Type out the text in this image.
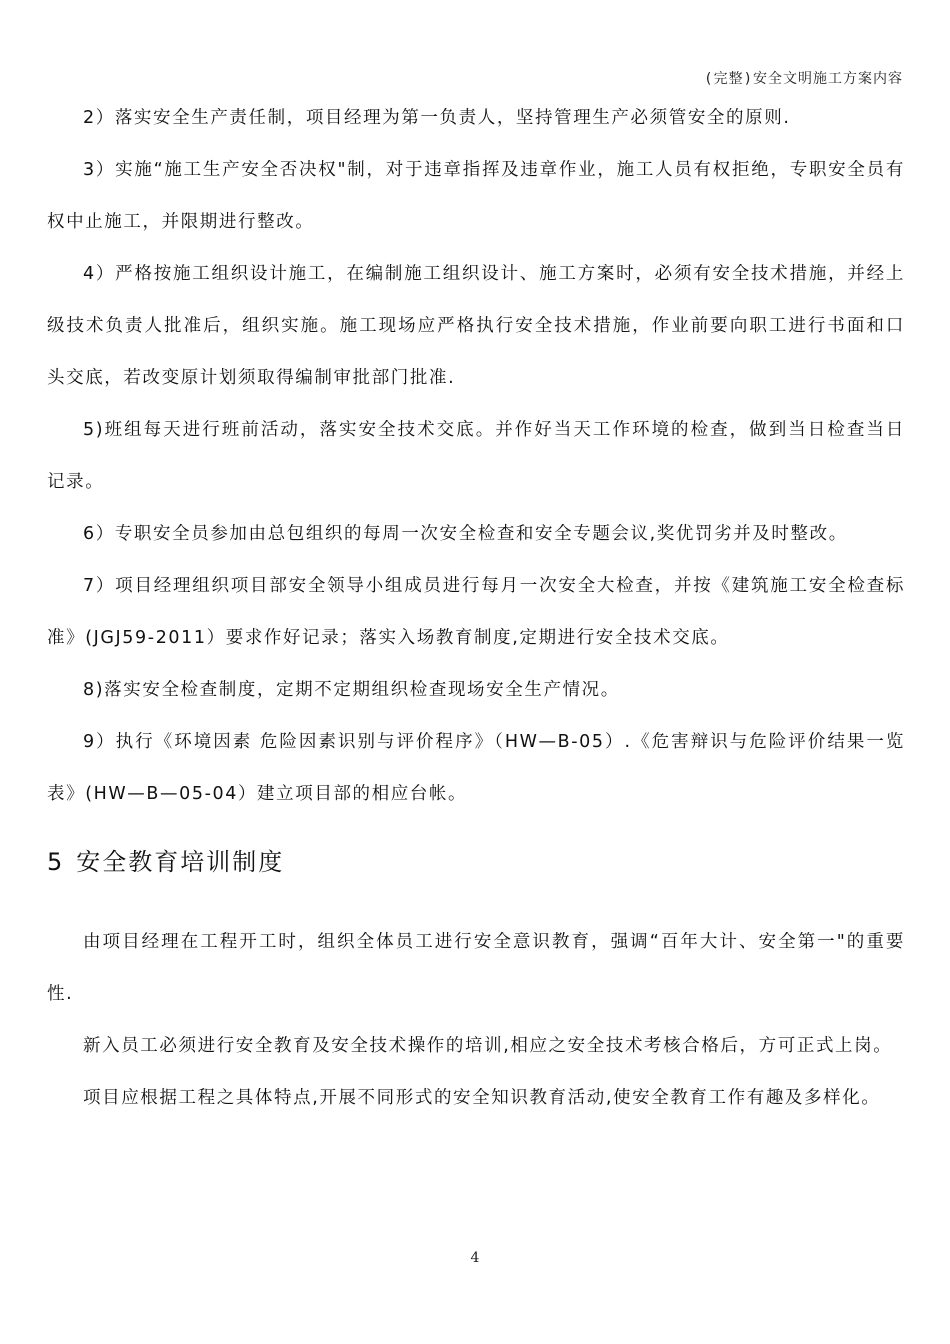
(完整)安全文明施工方案内容

2）落实安全生产责任制，项目经理为第一负责人，坚持管理生产必须管安全的原则.

3）实施“施工生产安全否决权"制，对于违章指挥及违章作业，施工人员有权拒绝，专职安全员有权中止施工，并限期进行整改。

4）严格按施工组织设计施工，在编制施工组织设计、施工方案时，必须有安全技术措施，并经上级技术负责人批准后，组织实施。施工现场应严格执行安全技术措施，作业前要向职工进行书面和口头交底，若改变原计划须取得编制审批部门批准.

5)班组每天进行班前活动，落实安全技术交底。并作好当天工作环境的检查，做到当日检查当日记录。

6）专职安全员参加由总包组织的每周一次安全检查和安全专题会议,奖优罚劣并及时整改。

7）项目经理组织项目部安全领导小组成员进行每月一次安全大检查，并按《建筑施工安全检查标准》(JGJ59-2011）要求作好记录；落实入场教育制度,定期进行安全技术交底。

8)落实安全检查制度，定期不定期组织检查现场安全生产情况。

9）执行《环境因素 危险因素识别与评价程序》（HW—B-05）.《危害辩识与危险评价结果一览表》(HW—B—05-04）建立项目部的相应台帐。

5 安全教育培训制度

由项目经理在工程开工时，组织全体员工进行安全意识教育，强调“百年大计、安全第一"的重要性.

新入员工必须进行安全教育及安全技术操作的培训,相应之安全技术考核合格后，方可正式上岗。

项目应根据工程之具体特点,开展不同形式的安全知识教育活动,使安全教育工作有趣及多样化。

4
